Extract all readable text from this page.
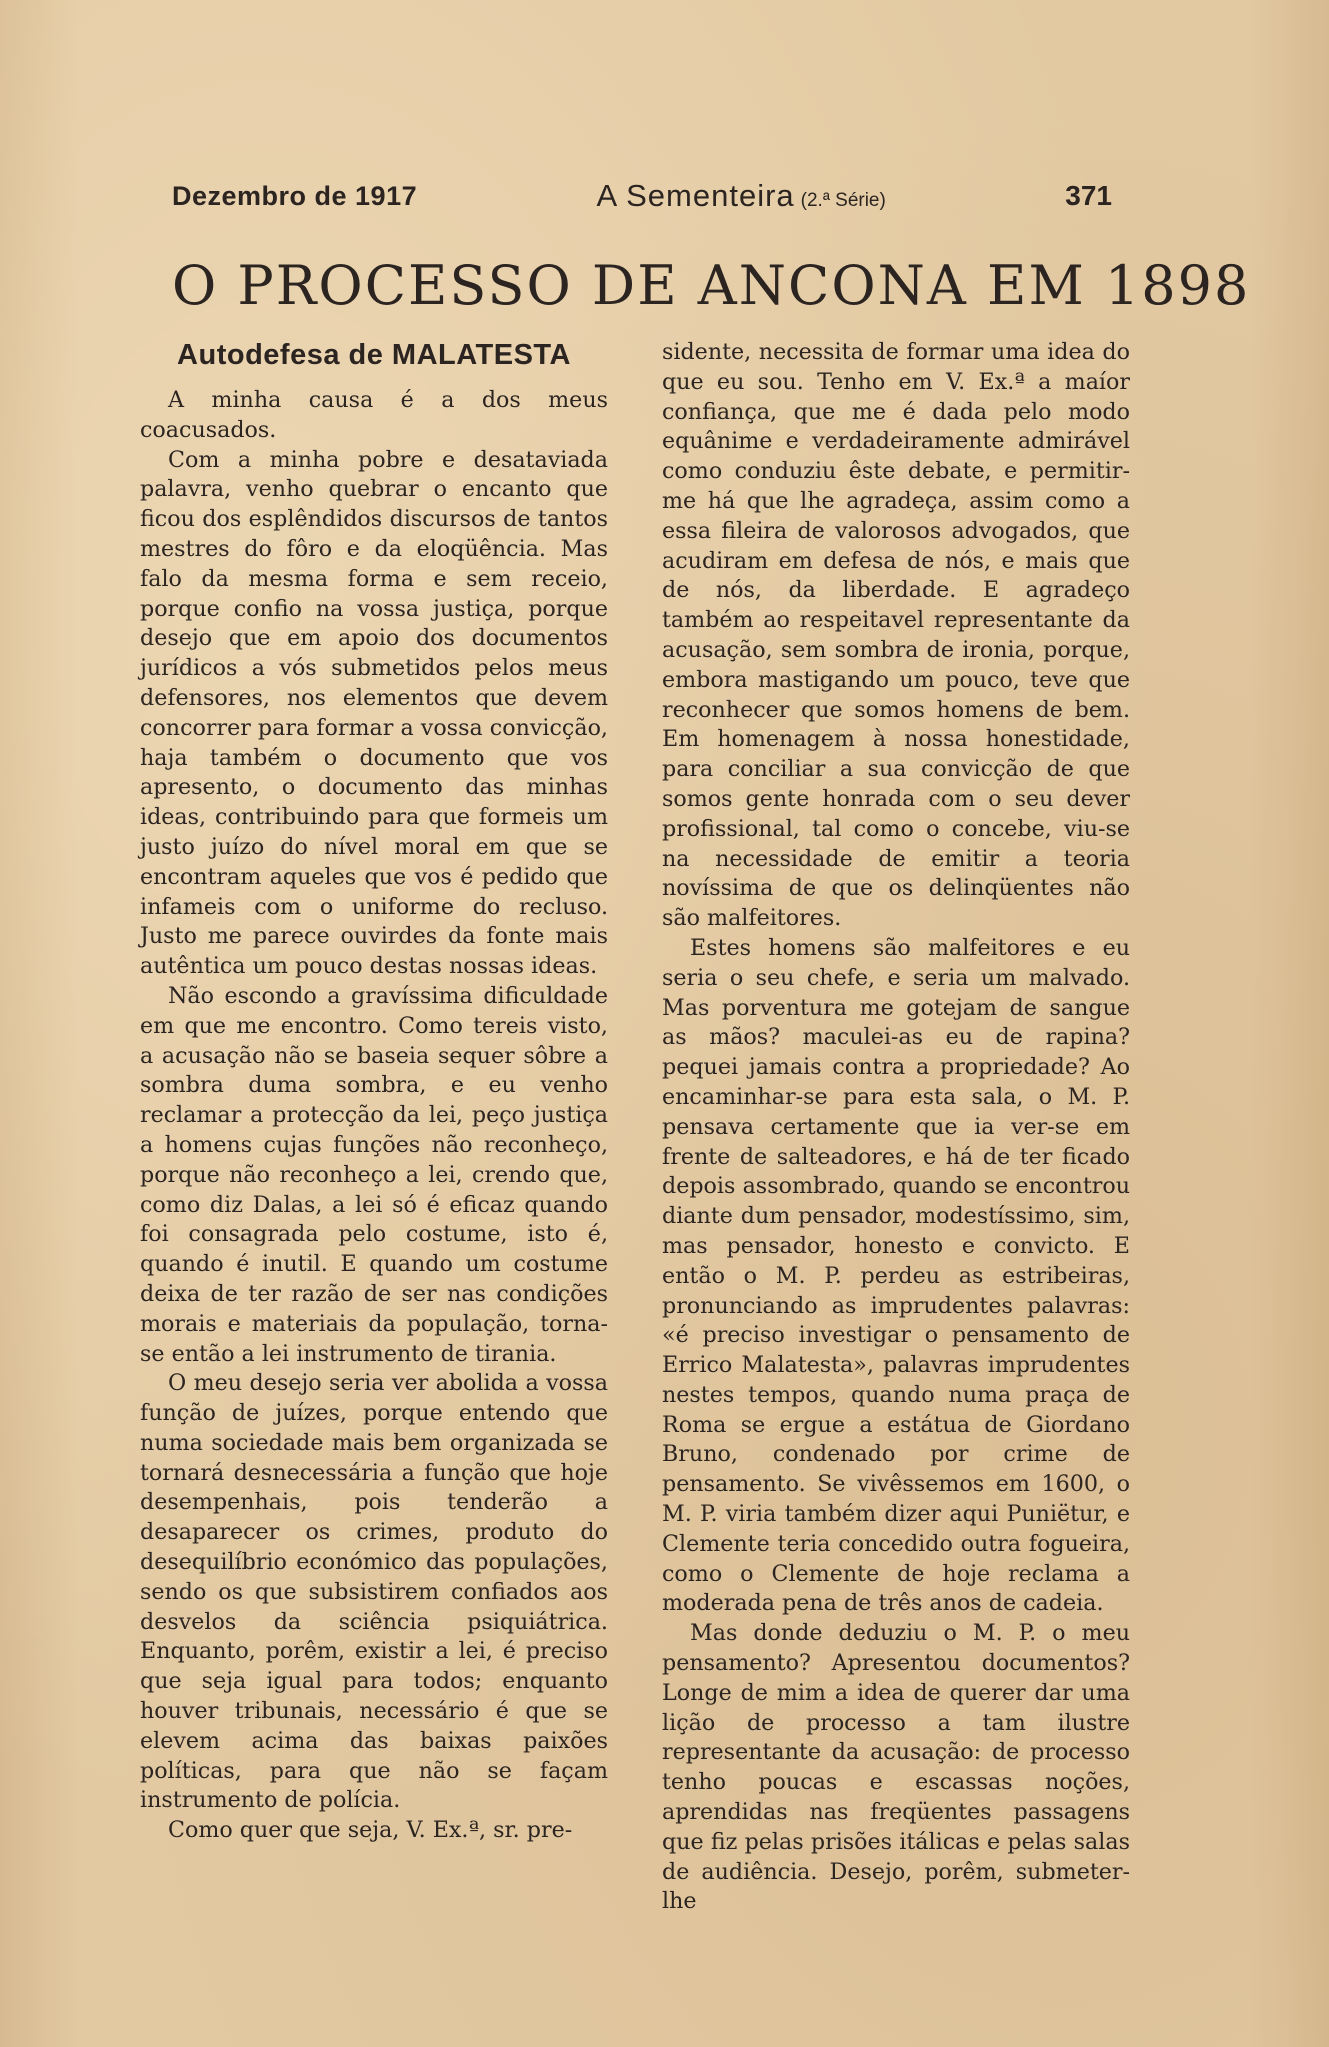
Dezembro de 1917	A Sementeira (2.ª Série)	371
O PROCESSO DE ANCONA EM 1898
Autodefesa de MALATESTA

A minha causa é a dos meus coacusados.

Com a minha pobre e desataviada palavra, venho quebrar o encanto que ficou dos esplêndidos discursos de tantos mestres do fôro e da eloqüência. Mas falo da mesma forma e sem receio, porque confio na vossa justiça, porque desejo que em apoio dos documentos jurídicos a vós submetidos pelos meus defensores, nos elementos que devem concorrer para formar a vossa convicção, haja também o documento que vos apresento, o documento das minhas ideas, contribuindo para que formeis um justo juízo do nível moral em que se encontram aqueles que vos é pedido que infameis com o uniforme do recluso. Justo me parece ouvirdes da fonte mais autêntica um pouco destas nossas ideas.

Não escondo a gravíssima dificuldade em que me encontro. Como tereis visto, a acusação não se baseia sequer sôbre a sombra duma sombra, e eu venho reclamar a protecção da lei, peço justiça a homens cujas funções não reconheço, porque não reconheço a lei, crendo que, como diz Dalas, a lei só é eficaz quando foi consagrada pelo costume, isto é, quando é inutil. E quando um costume deixa de ter razão de ser nas condições morais e materiais da população, torna-se então a lei instrumento de tirania.

O meu desejo seria ver abolida a vossa função de juízes, porque entendo que numa sociedade mais bem organizada se tornará desnecessária a função que hoje desempenhais, pois tenderão a desaparecer os crimes, produto do desequilíbrio económico das populações, sendo os que subsistirem confiados aos desvelos da sciência psiquiátrica. Enquanto, porêm, existir a lei, é preciso que seja igual para todos; enquanto houver tribunais, necessário é que se elevem acima das baixas paixões políticas, para que não se façam instrumento de polícia.

Como quer que seja, V. Ex.ª, sr. pre-

sidente, necessita de formar uma idea do que eu sou. Tenho em V. Ex.ª a maíor confiança, que me é dada pelo modo equânime e verdadeiramente admirável como conduziu êste debate, e permitir-me há que lhe agradeça, assim como a essa fileira de valorosos advogados, que acudiram em defesa de nós, e mais que de nós, da liberdade. E agradeço também ao respeitavel representante da acusação, sem sombra de ironia, porque, embora mastigando um pouco, teve que reconhecer que somos homens de bem. Em homenagem à nossa honestidade, para conciliar a sua convicção de que somos gente honrada com o seu dever profissional, tal como o concebe, viu-se na necessidade de emitir a teoria novíssima de que os delinqüentes não são malfeitores.

Estes homens são malfeitores e eu seria o seu chefe, e seria um malvado. Mas porventura me gotejam de sangue as mãos? maculei-as eu de rapina? pequei jamais contra a propriedade? Ao encaminhar-se para esta sala, o M. P. pensava certamente que ia ver-se em frente de salteadores, e há de ter ficado depois assombrado, quando se encontrou diante dum pensador, modestíssimo, sim, mas pensador, honesto e convicto. E então o M. P. perdeu as estribeiras, pronunciando as imprudentes palavras: «é preciso investigar o pensamento de Errico Malatesta», palavras imprudentes nestes tempos, quando numa praça de Roma se ergue a estátua de Giordano Bruno, condenado por crime de pensamento. Se vivêssemos em 1600, o M. P. viria também dizer aqui Puniëtur, e Clemente teria concedido outra fogueira, como o Clemente de hoje reclama a moderada pena de três anos de cadeia.

Mas donde deduziu o M. P. o meu pensamento? Apresentou documentos? Longe de mim a idea de querer dar uma lição de processo a tam ilustre representante da acusação: de processo tenho poucas e escassas noções, aprendidas nas freqüentes passagens que fiz pelas prisões itálicas e pelas salas de audiência. Desejo, porêm, submeter-lhe
